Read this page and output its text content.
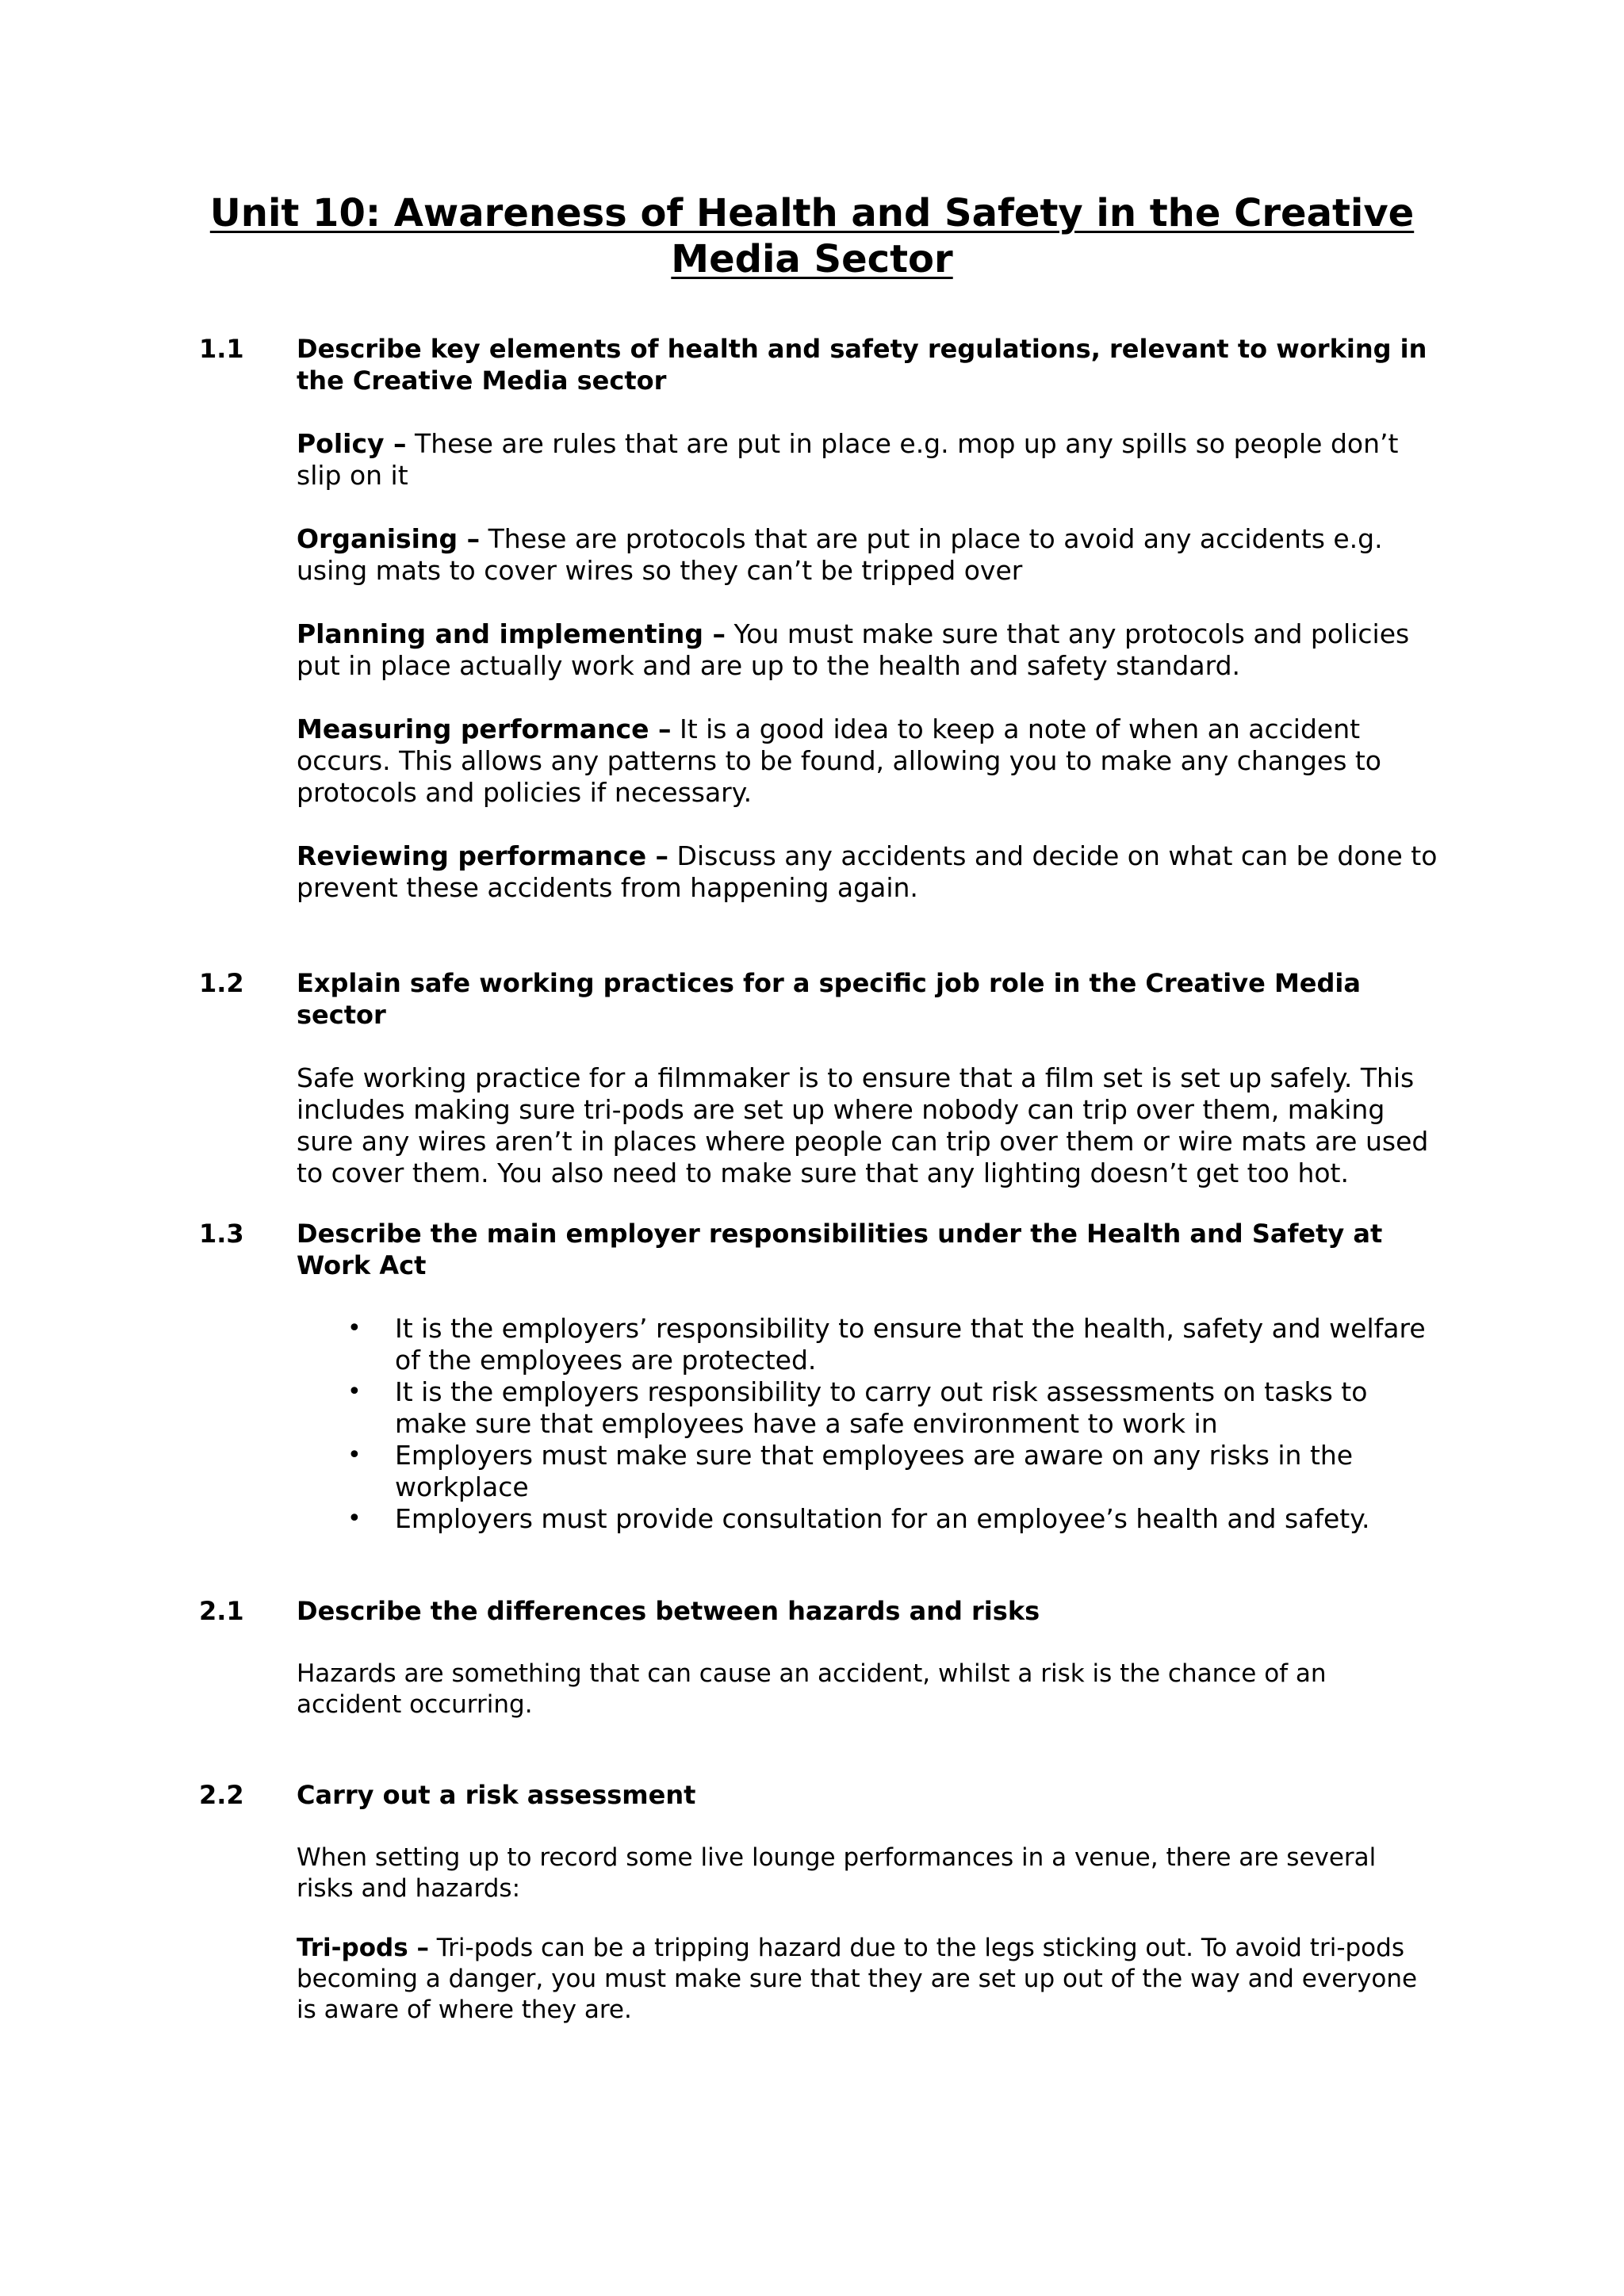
Unit 10: Awareness of Health and Safety in the Creative Media Sector
1.1 Describe key elements of health and safety regulations, relevant to working in the Creative Media sector

Policy – These are rules that are put in place e.g. mop up any spills so people don’t slip on it

Organising – These are protocols that are put in place to avoid any accidents e.g. using mats to cover wires so they can’t be tripped over

Planning and implementing – You must make sure that any protocols and policies put in place actually work and are up to the health and safety standard.

Measuring performance – It is a good idea to keep a note of when an accident occurs. This allows any patterns to be found, allowing you to make any changes to protocols and policies if necessary.

Reviewing performance – Discuss any accidents and decide on what can be done to prevent these accidents from happening again.

1.2 Explain safe working practices for a specific job role in the Creative Media sector

Safe working practice for a filmmaker is to ensure that a film set is set up safely. This includes making sure tri-pods are set up where nobody can trip over them, making sure any wires aren’t in places where people can trip over them or wire mats are used to cover them. You also need to make sure that any lighting doesn’t get too hot.

1.3 Describe the main employer responsibilities under the Health and Safety at Work Act

• It is the employers’ responsibility to ensure that the health, safety and welfare of the employees are protected.
• It is the employers responsibility to carry out risk assessments on tasks to make sure that employees have a safe environment to work in
• Employers must make sure that employees are aware on any risks in the workplace
• Employers must provide consultation for an employee’s health and safety.
2.1 Describe the differences between hazards and risks

Hazards are something that can cause an accident, whilst a risk is the chance of an accident occurring.

2.2 Carry out a risk assessment

When setting up to record some live lounge performances in a venue, there are several risks and hazards:

Tri-pods – Tri-pods can be a tripping hazard due to the legs sticking out. To avoid tri-pods becoming a danger, you must make sure that they are set up out of the way and everyone is aware of where they are.
